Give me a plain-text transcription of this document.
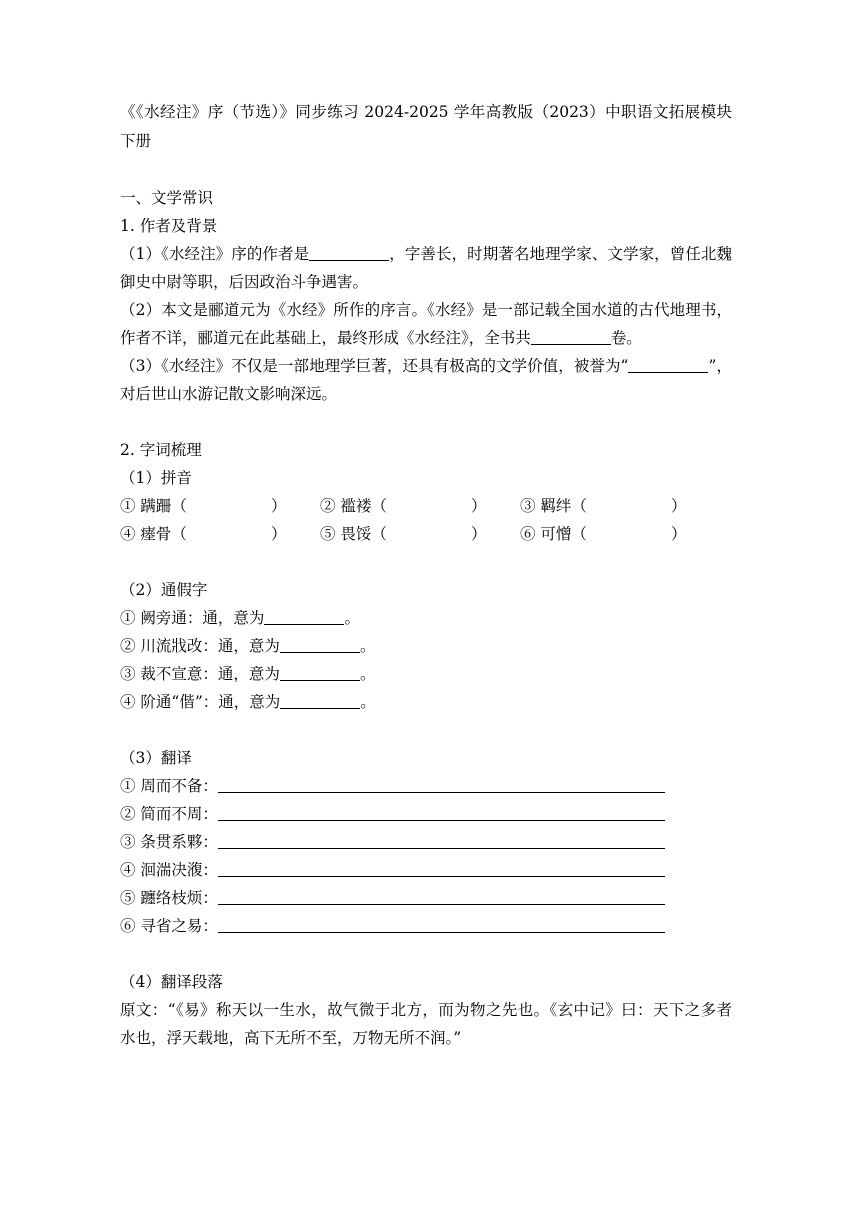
《《水经注》序（节选）》同步练习 2024-2025 学年高教版（2023）中职语文拓展模块下册
一、文学常识
1. 作者及背景
（1）《水经注》序的作者是	，字善长，时期著名地理学家、文学家，曾任北魏御史中尉等职，后因政治斗争遇害。
（2）本文是郦道元为《水经》所作的序言。《水经》是一部记载全国水道的古代地理书，作者不详，郦道元在此基础上，最终形成《水经注》，全书共	卷。
（3）《水经注》不仅是一部地理学巨著，还具有极高的文学价值，被誉为“	”，对后世山水游记散文影响深远。
2. 字词梳理
（1）拼音
① 蹒跚（	）	② 褴褛（	）	③ 羁绊（	）
④ 瘗骨（	）	⑤ 畏馁（	）	⑥ 可憎（	）
（2）通假字
① 阙旁通：通，意为	。
② 川流戕改：通，意为	。
③ 裁不宣意：通，意为	。
④ 阶通“偕”：通，意为	。
（3）翻译
① 周而不备：
② 简而不周：
③ 条贯系夥：
④ 洄湍决澓：
⑤ 躔络枝烦：
⑥ 寻省之易：
（4）翻译段落
原文：“《易》称天以一生水，故气微于北方，而为物之先也。《玄中记》曰：天下之多者水也，浮天载地，高下无所不至，万物无所不润。”
